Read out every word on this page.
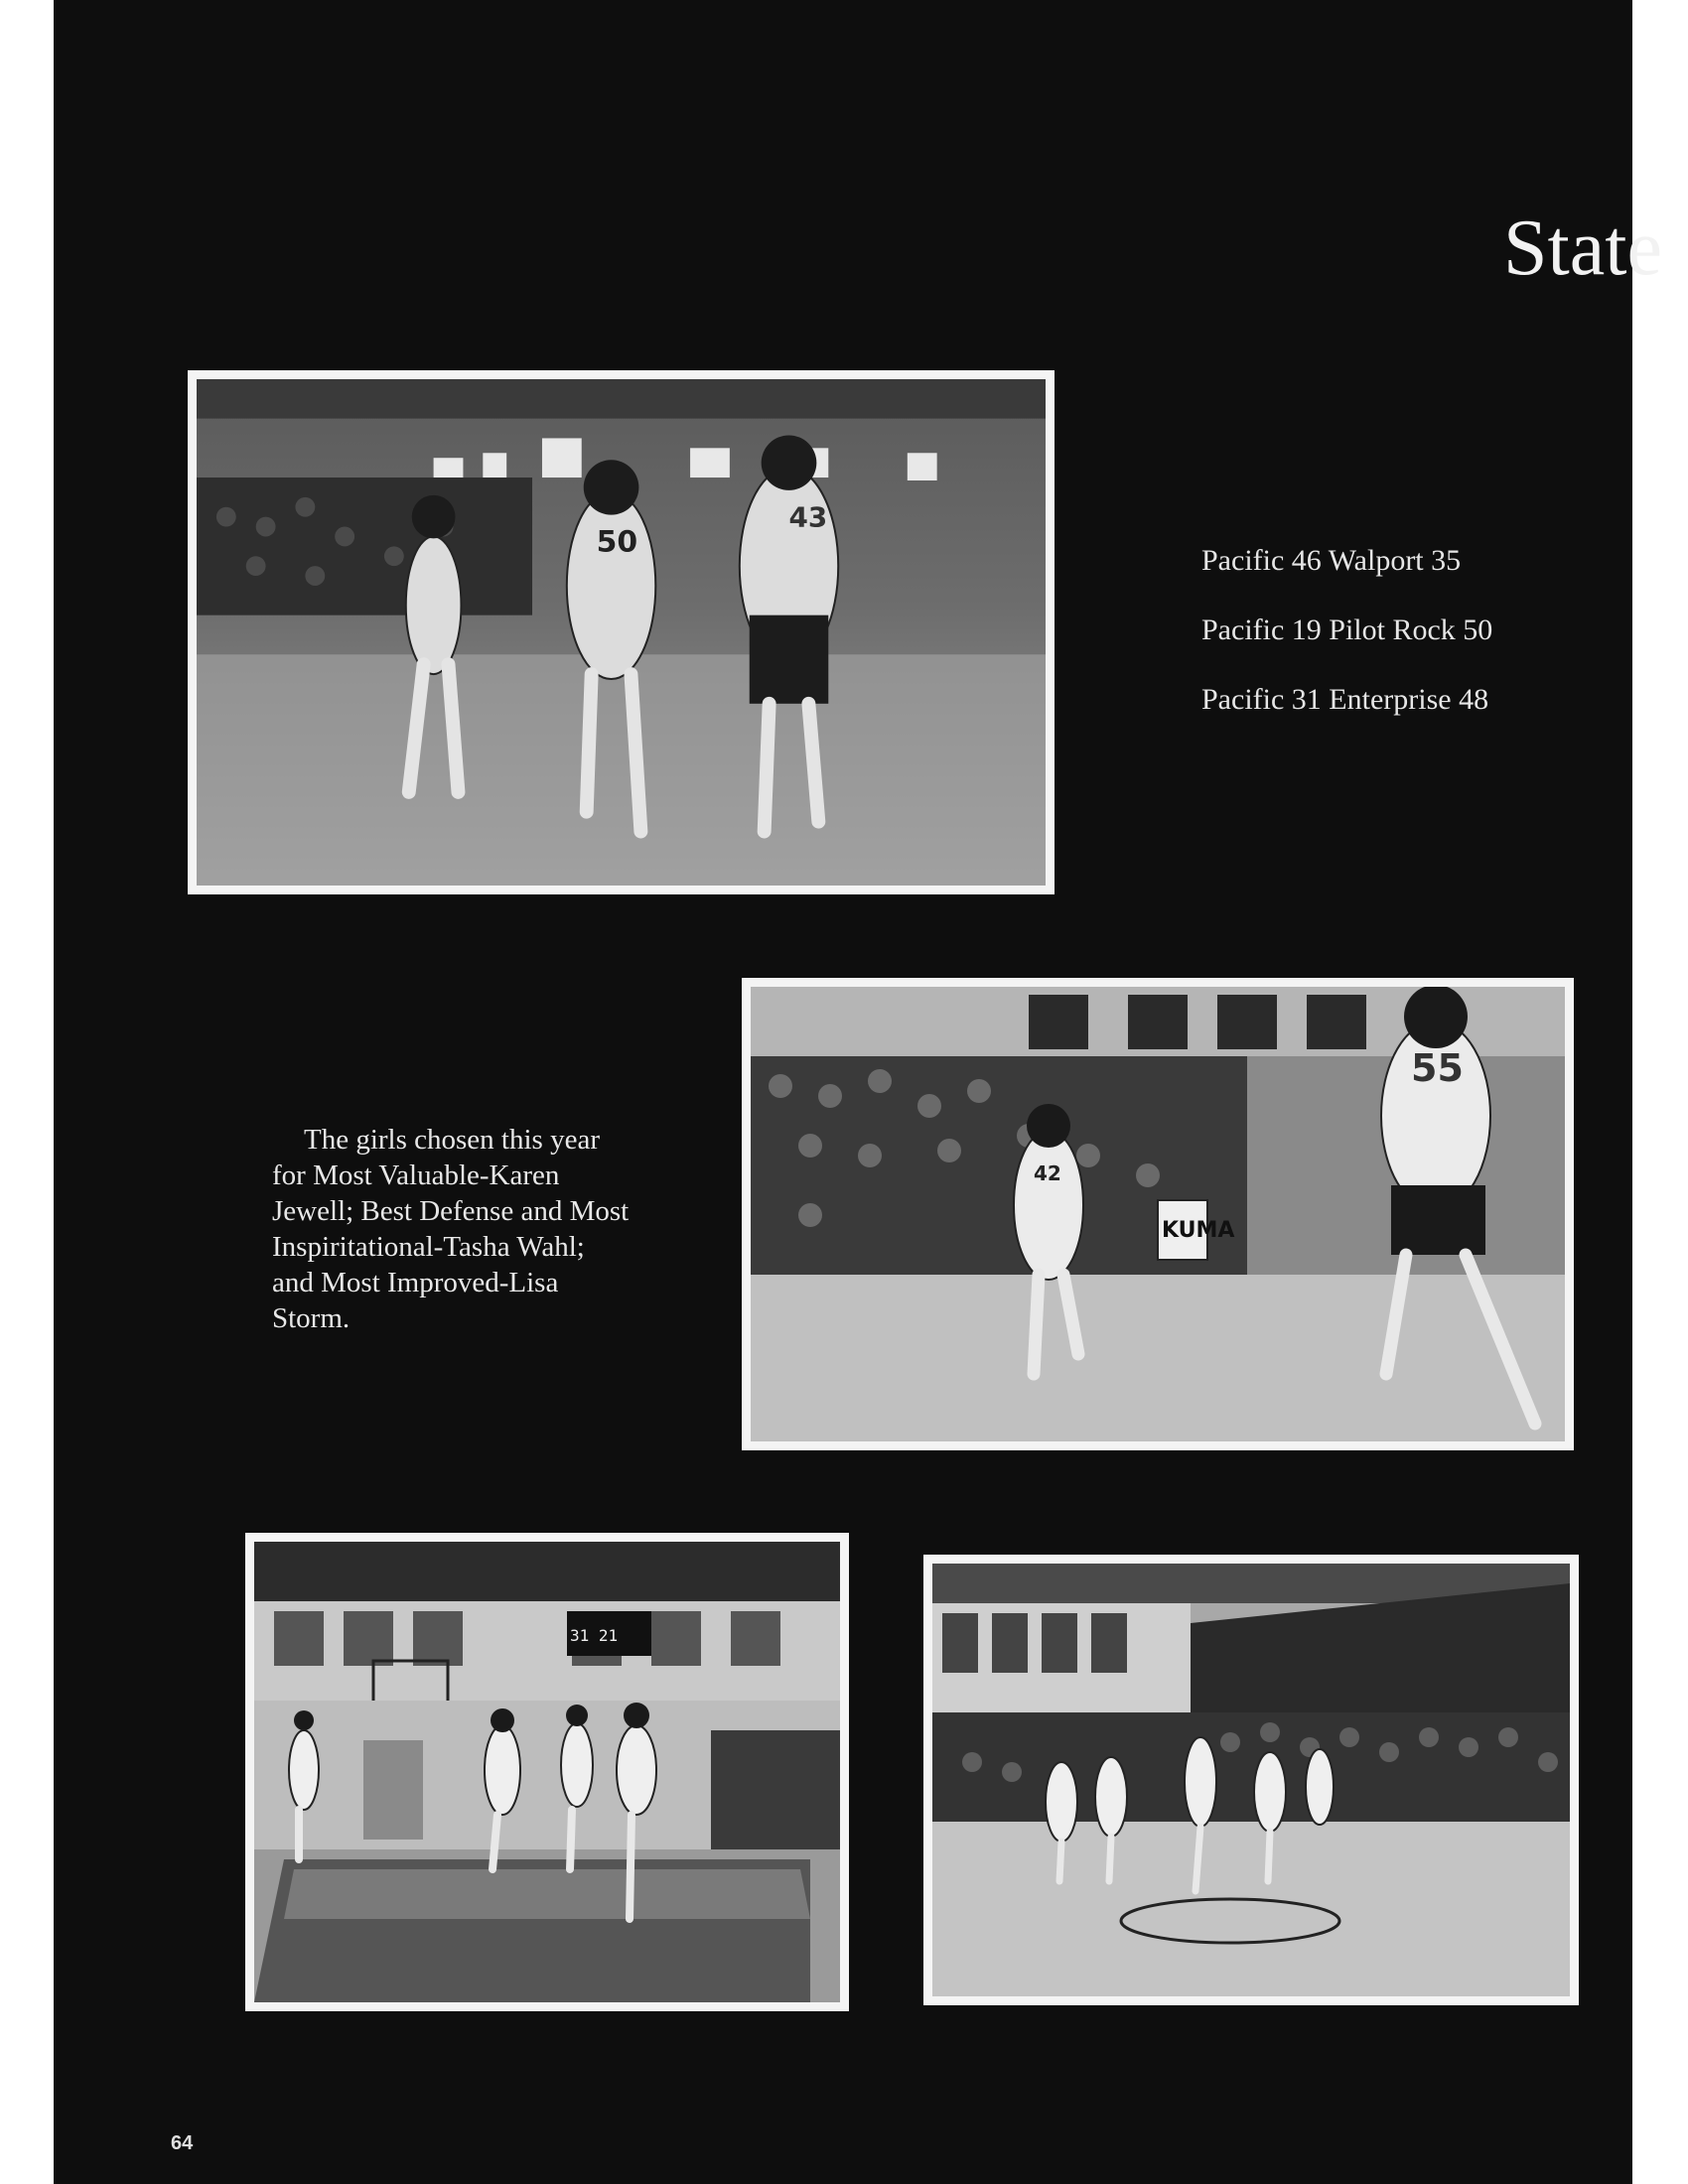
State
50
43
Pacific 46 Walport 35
Pacific 19 Pilot Rock 50
Pacific 31 Enterprise 48
KUMA
42
55
The girls chosen this year
for Most Valuable-Karen
Jewell; Best Defense and Most
Inspiritational-Tasha Wahl;
and Most Improved-Lisa
Storm.
31 21
64
